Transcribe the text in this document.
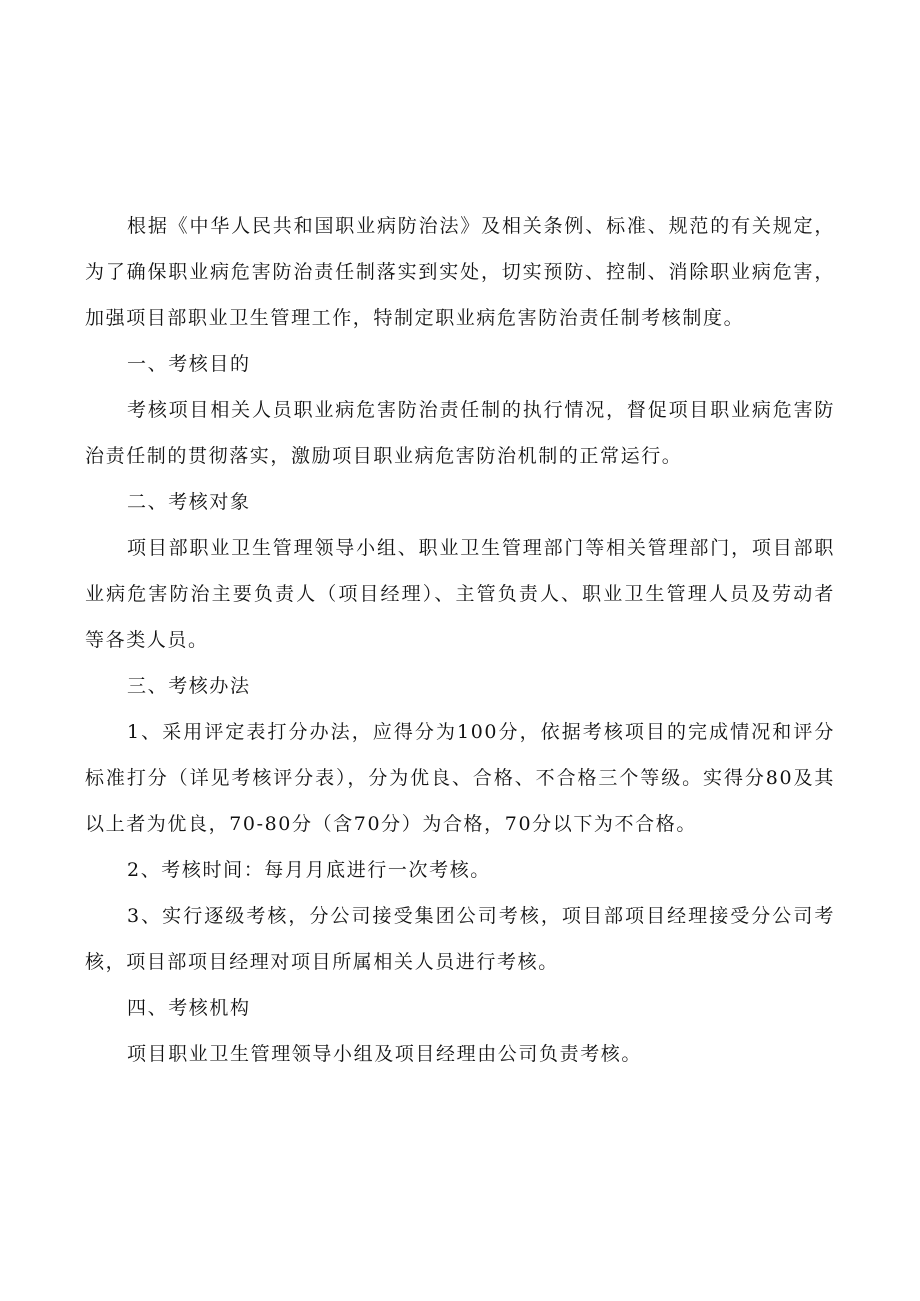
根据《中华人民共和国职业病防治法》及相关条例、标准、规范的有关规定，为了确保职业病危害防治责任制落实到实处，切实预防、控制、消除职业病危害，加强项目部职业卫生管理工作，特制定职业病危害防治责任制考核制度。

一、考核目的

考核项目相关人员职业病危害防治责任制的执行情况，督促项目职业病危害防治责任制的贯彻落实，激励项目职业病危害防治机制的正常运行。

二、考核对象

项目部职业卫生管理领导小组、职业卫生管理部门等相关管理部门，项目部职业病危害防治主要负责人（项目经理）、主管负责人、职业卫生管理人员及劳动者等各类人员。

三、考核办法

1、采用评定表打分办法，应得分为100分，依据考核项目的完成情况和评分标准打分（详见考核评分表），分为优良、合格、不合格三个等级。实得分80及其以上者为优良，70-80分（含70分）为合格，70分以下为不合格。

2、考核时间：每月月底进行一次考核。

3、实行逐级考核，分公司接受集团公司考核，项目部项目经理接受分公司考核，项目部项目经理对项目所属相关人员进行考核。

四、考核机构

项目职业卫生管理领导小组及项目经理由公司负责考核。
